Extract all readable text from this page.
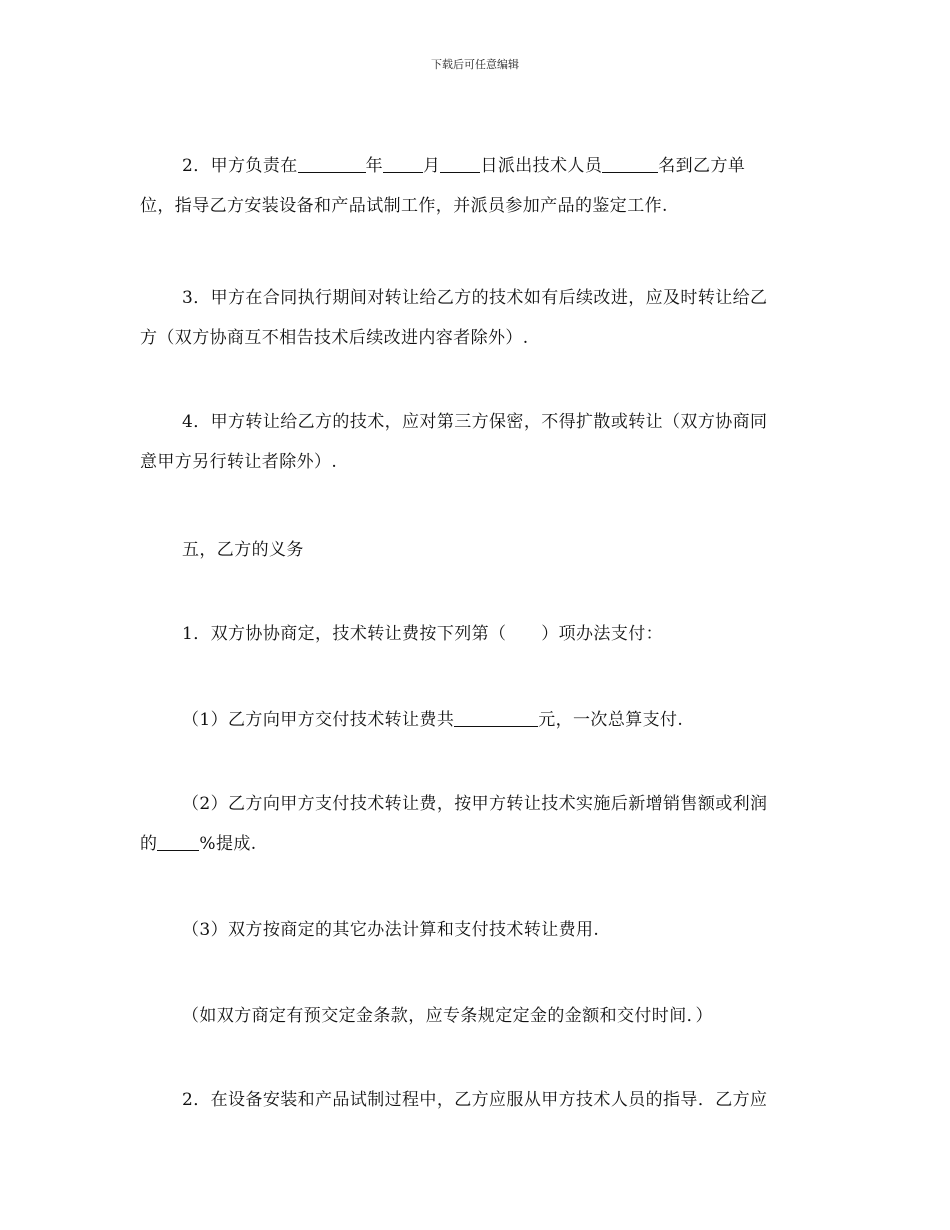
下载后可任意编辑
2．甲方负责在	年 月 日派出技术人员	名到乙方单
位，指导乙方安装设备和产品试制工作，并派员参加产品的鉴定工作.
3．甲方在合同执行期间对转让给乙方的技术如有后续改进，应及时转让给乙
方（双方协商互不相告技术后续改进内容者除外）.
4．甲方转让给乙方的技术，应对第三方保密，不得扩散或转让（双方协商同
意甲方另行转让者除外）.
五，乙方的义务
1．双方协协商定，技术转让费按下列第（　　）项办法支付：
（1）乙方向甲方交付技术转让费共	元，一次总算支付.
（2）乙方向甲方支付技术转让费，按甲方转让技术实施后新增销售额或利润
的 %提成.
（3）双方按商定的其它办法计算和支付技术转让费用.
（如双方商定有预交定金条款，应专条规定定金的金额和交付时间．）
2．在设备安装和产品试制过程中，乙方应服从甲方技术人员的指导．乙方应
